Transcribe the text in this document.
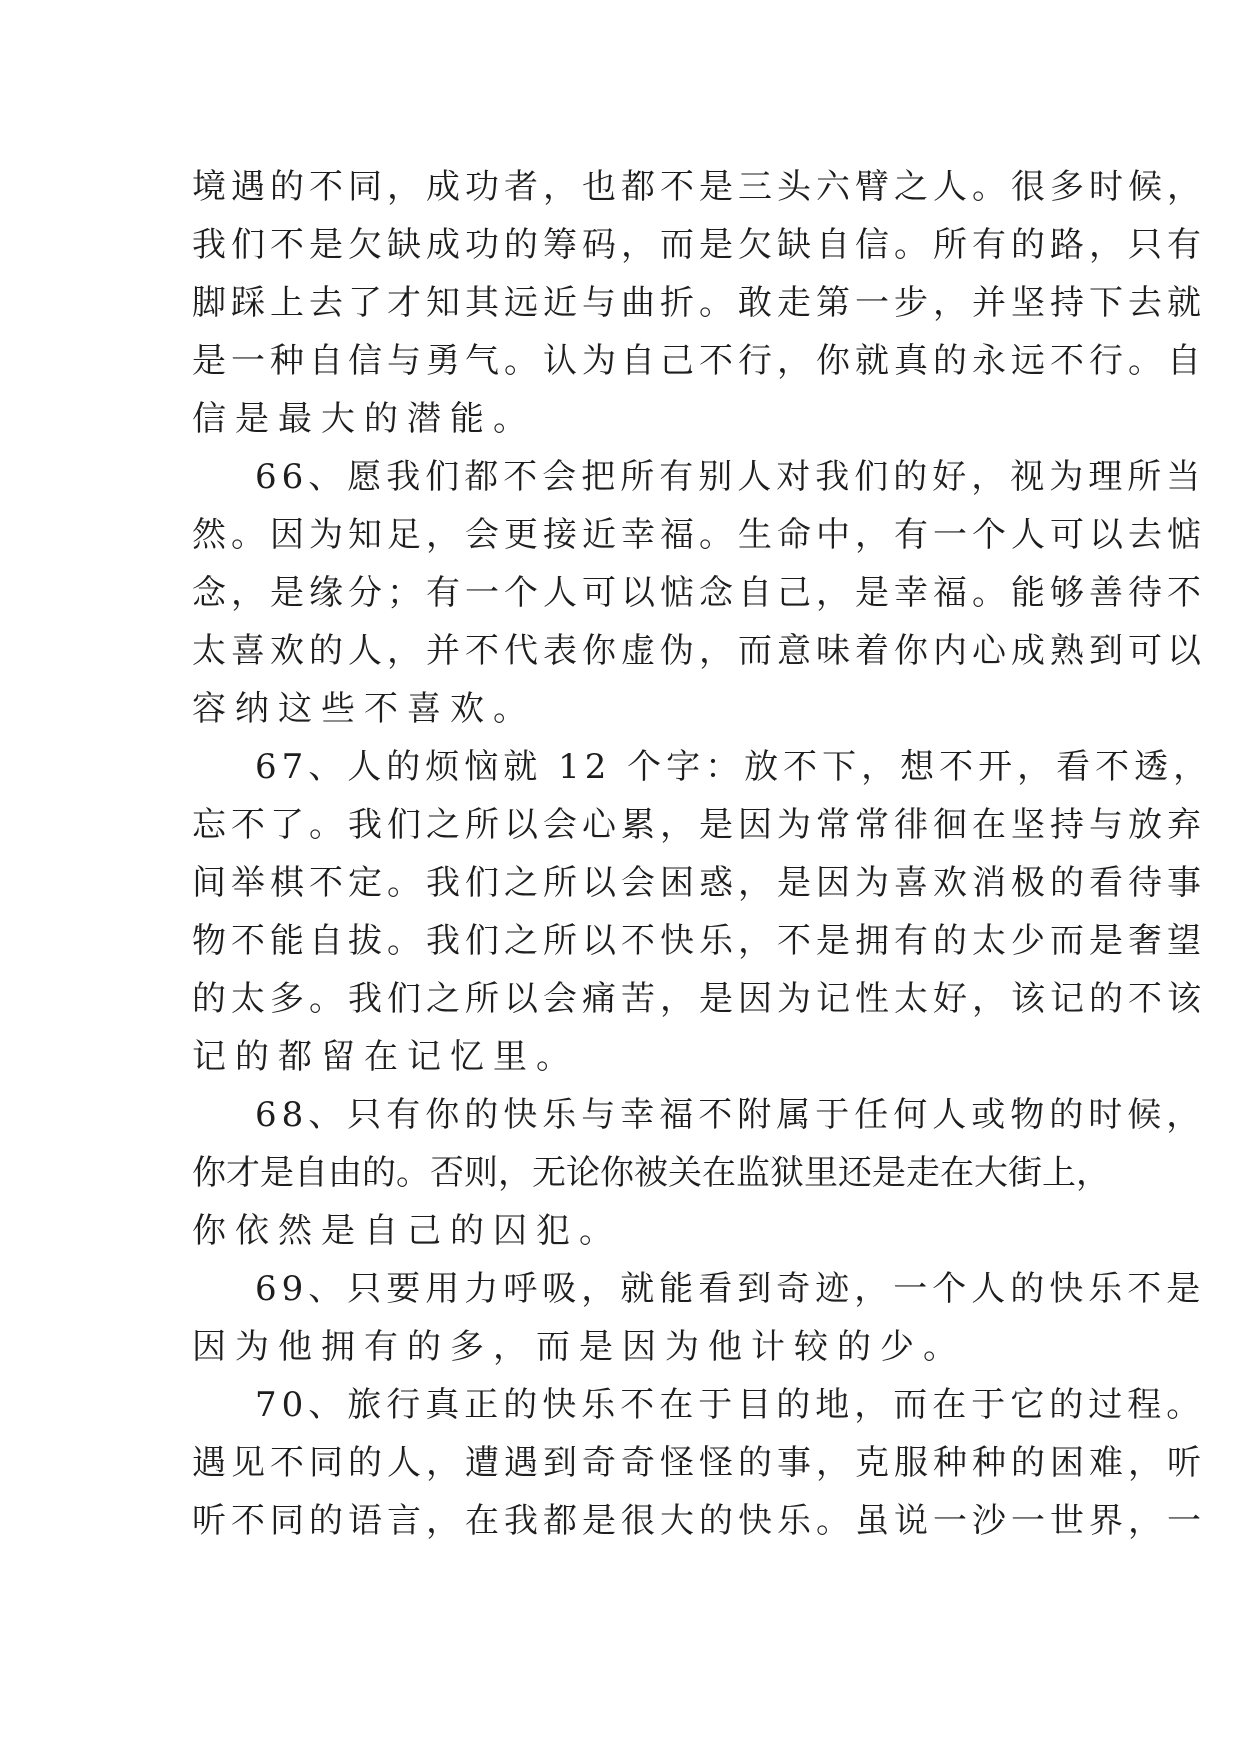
境遇的不同，成功者，也都不是三头六臂之人。很多时候，
我们不是欠缺成功的筹码，而是欠缺自信。所有的路，只有
脚踩上去了才知其远近与曲折。敢走第一步，并坚持下去就
是一种自信与勇气。认为自己不行，你就真的永远不行。自
信是最大的潜能。
66、愿我们都不会把所有别人对我们的好，视为理所当
然。因为知足，会更接近幸福。生命中，有一个人可以去惦
念，是缘分；有一个人可以惦念自己，是幸福。能够善待不
太喜欢的人，并不代表你虚伪，而意味着你内心成熟到可以
容纳这些不喜欢。
67、人的烦恼就 12 个字：放不下，想不开，看不透，
忘不了。我们之所以会心累，是因为常常徘徊在坚持与放弃
间举棋不定。我们之所以会困惑，是因为喜欢消极的看待事
物不能自拔。我们之所以不快乐，不是拥有的太少而是奢望
的太多。我们之所以会痛苦，是因为记性太好，该记的不该
记的都留在记忆里。
68、只有你的快乐与幸福不附属于任何人或物的时候，
你才是自由的。否则，无论你被关在监狱里还是走在大街上，
你依然是自己的囚犯。
69、只要用力呼吸，就能看到奇迹，一个人的快乐不是
因为他拥有的多，而是因为他计较的少。
70、旅行真正的快乐不在于目的地，而在于它的过程。
遇见不同的人，遭遇到奇奇怪怪的事，克服种种的困难，听
听不同的语言，在我都是很大的快乐。虽说一沙一世界，一
